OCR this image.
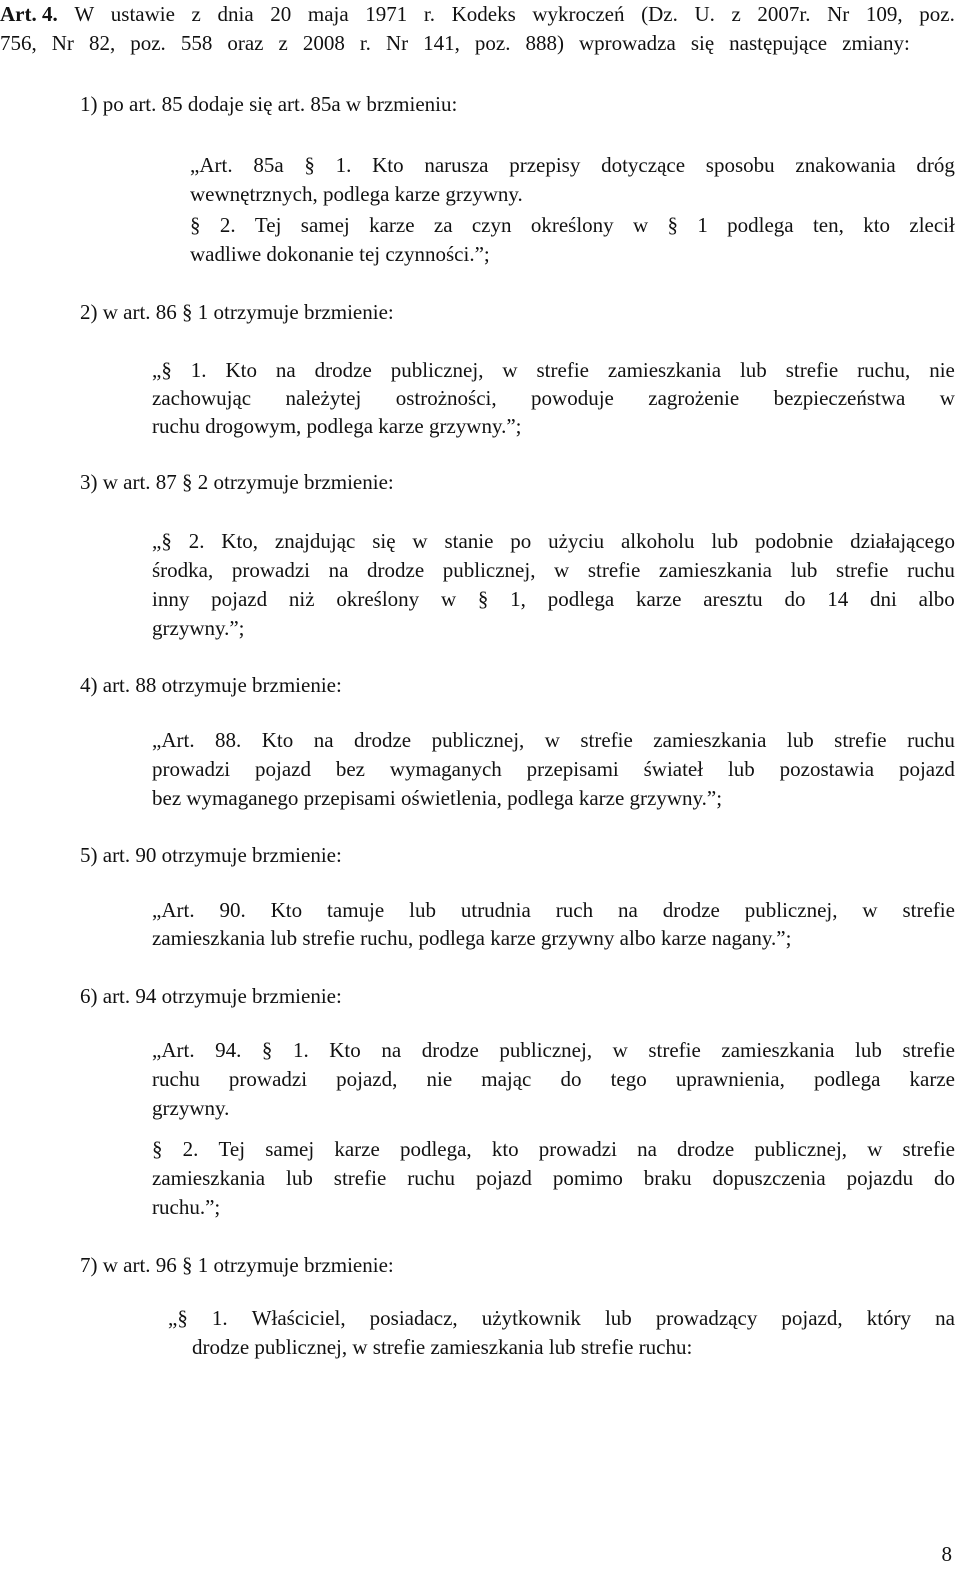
Art. 4. W ustawie z dnia 20 maja 1971 r. Kodeks wykroczeń (Dz. U. z 2007r. Nr 109, poz.
756, Nr 82, poz. 558 oraz z 2008 r. Nr 141, poz. 888) wprowadza się następujące zmiany:
1) po art. 85 dodaje się art. 85a w brzmieniu:
„Art. 85a § 1. Kto narusza przepisy dotyczące sposobu znakowania dróg
wewnętrznych, podlega karze grzywny.
§ 2. Tej samej karze za czyn określony w § 1 podlega ten, kto zlecił
wadliwe dokonanie tej czynności.”;
2) w art. 86 § 1 otrzymuje brzmienie:
„§ 1. Kto na drodze publicznej, w strefie zamieszkania lub strefie ruchu, nie
zachowując należytej ostrożności, powoduje zagrożenie bezpieczeństwa w
ruchu drogowym, podlega karze grzywny.”;
3) w art. 87 § 2 otrzymuje brzmienie:
„§ 2. Kto, znajdując się w stanie po użyciu alkoholu lub podobnie działającego
środka, prowadzi na drodze publicznej, w strefie zamieszkania lub strefie ruchu
inny pojazd niż określony w § 1, podlega karze aresztu do 14 dni albo
grzywny.”;
4) art. 88 otrzymuje brzmienie:
„Art. 88. Kto na drodze publicznej, w strefie zamieszkania lub strefie ruchu
prowadzi pojazd bez wymaganych przepisami świateł lub pozostawia pojazd
bez wymaganego przepisami oświetlenia, podlega karze grzywny.”;
5) art. 90 otrzymuje brzmienie:
„Art. 90. Kto tamuje lub utrudnia ruch na drodze publicznej, w strefie
zamieszkania lub strefie ruchu, podlega karze grzywny albo karze nagany.”;
6) art. 94 otrzymuje brzmienie:
„Art. 94. § 1. Kto na drodze publicznej, w strefie zamieszkania lub strefie
ruchu prowadzi pojazd, nie mając do tego uprawnienia, podlega karze
grzywny.
§ 2. Tej samej karze podlega, kto prowadzi na drodze publicznej, w strefie
zamieszkania lub strefie ruchu pojazd pomimo braku dopuszczenia pojazdu do
ruchu.”;
7) w art. 96 § 1 otrzymuje brzmienie:
„§ 1. Właściciel, posiadacz, użytkownik lub prowadzący pojazd, który na
drodze publicznej, w strefie zamieszkania lub strefie ruchu:
8
